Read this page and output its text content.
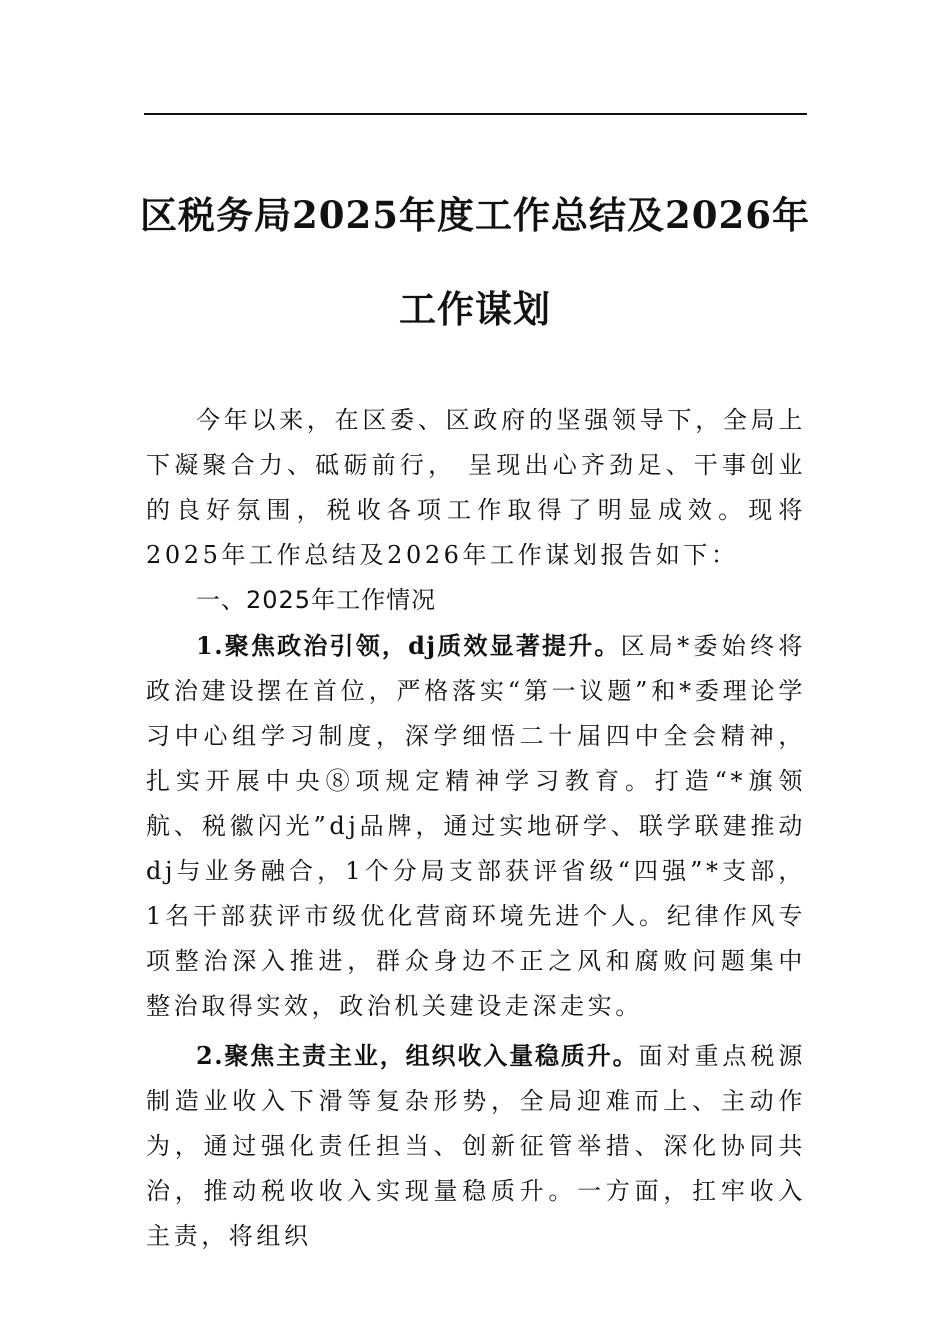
区税务局2025年度工作总结及2026年工作谋划

今年以来，在区委、区政府的坚强领导下，全局上下凝聚合力、砥砺前行， 呈现出心齐劲足、干事创业的良好氛围，税收各项工作取得了明显成效。现将2025年工作总结及2026年工作谋划报告如下：

一、2025年工作情况

1.聚焦政治引领，dj质效显著提升。区局*委始终将政治建设摆在首位，严格落实“第一议题”和*委理论学习中心组学习制度，深学细悟二十届四中全会精神，扎实开展中央⑧项规定精神学习教育。打造“*旗领航、税徽闪光”dj品牌，通过实地研学、联学联建推动dj与业务融合，1个分局支部获评省级“四强”*支部，1名干部获评市级优化营商环境先进个人。纪律作风专项整治深入推进，群众身边不正之风和腐败问题集中整治取得实效，政治机关建设走深走实。

2.聚焦主责主业，组织收入量稳质升。面对重点税源制造业收入下滑等复杂形势，全局迎难而上、主动作为，通过强化责任担当、创新征管举措、深化协同共治，推动税收收入实现量稳质升。一方面，扛牢收入主责，将组织
